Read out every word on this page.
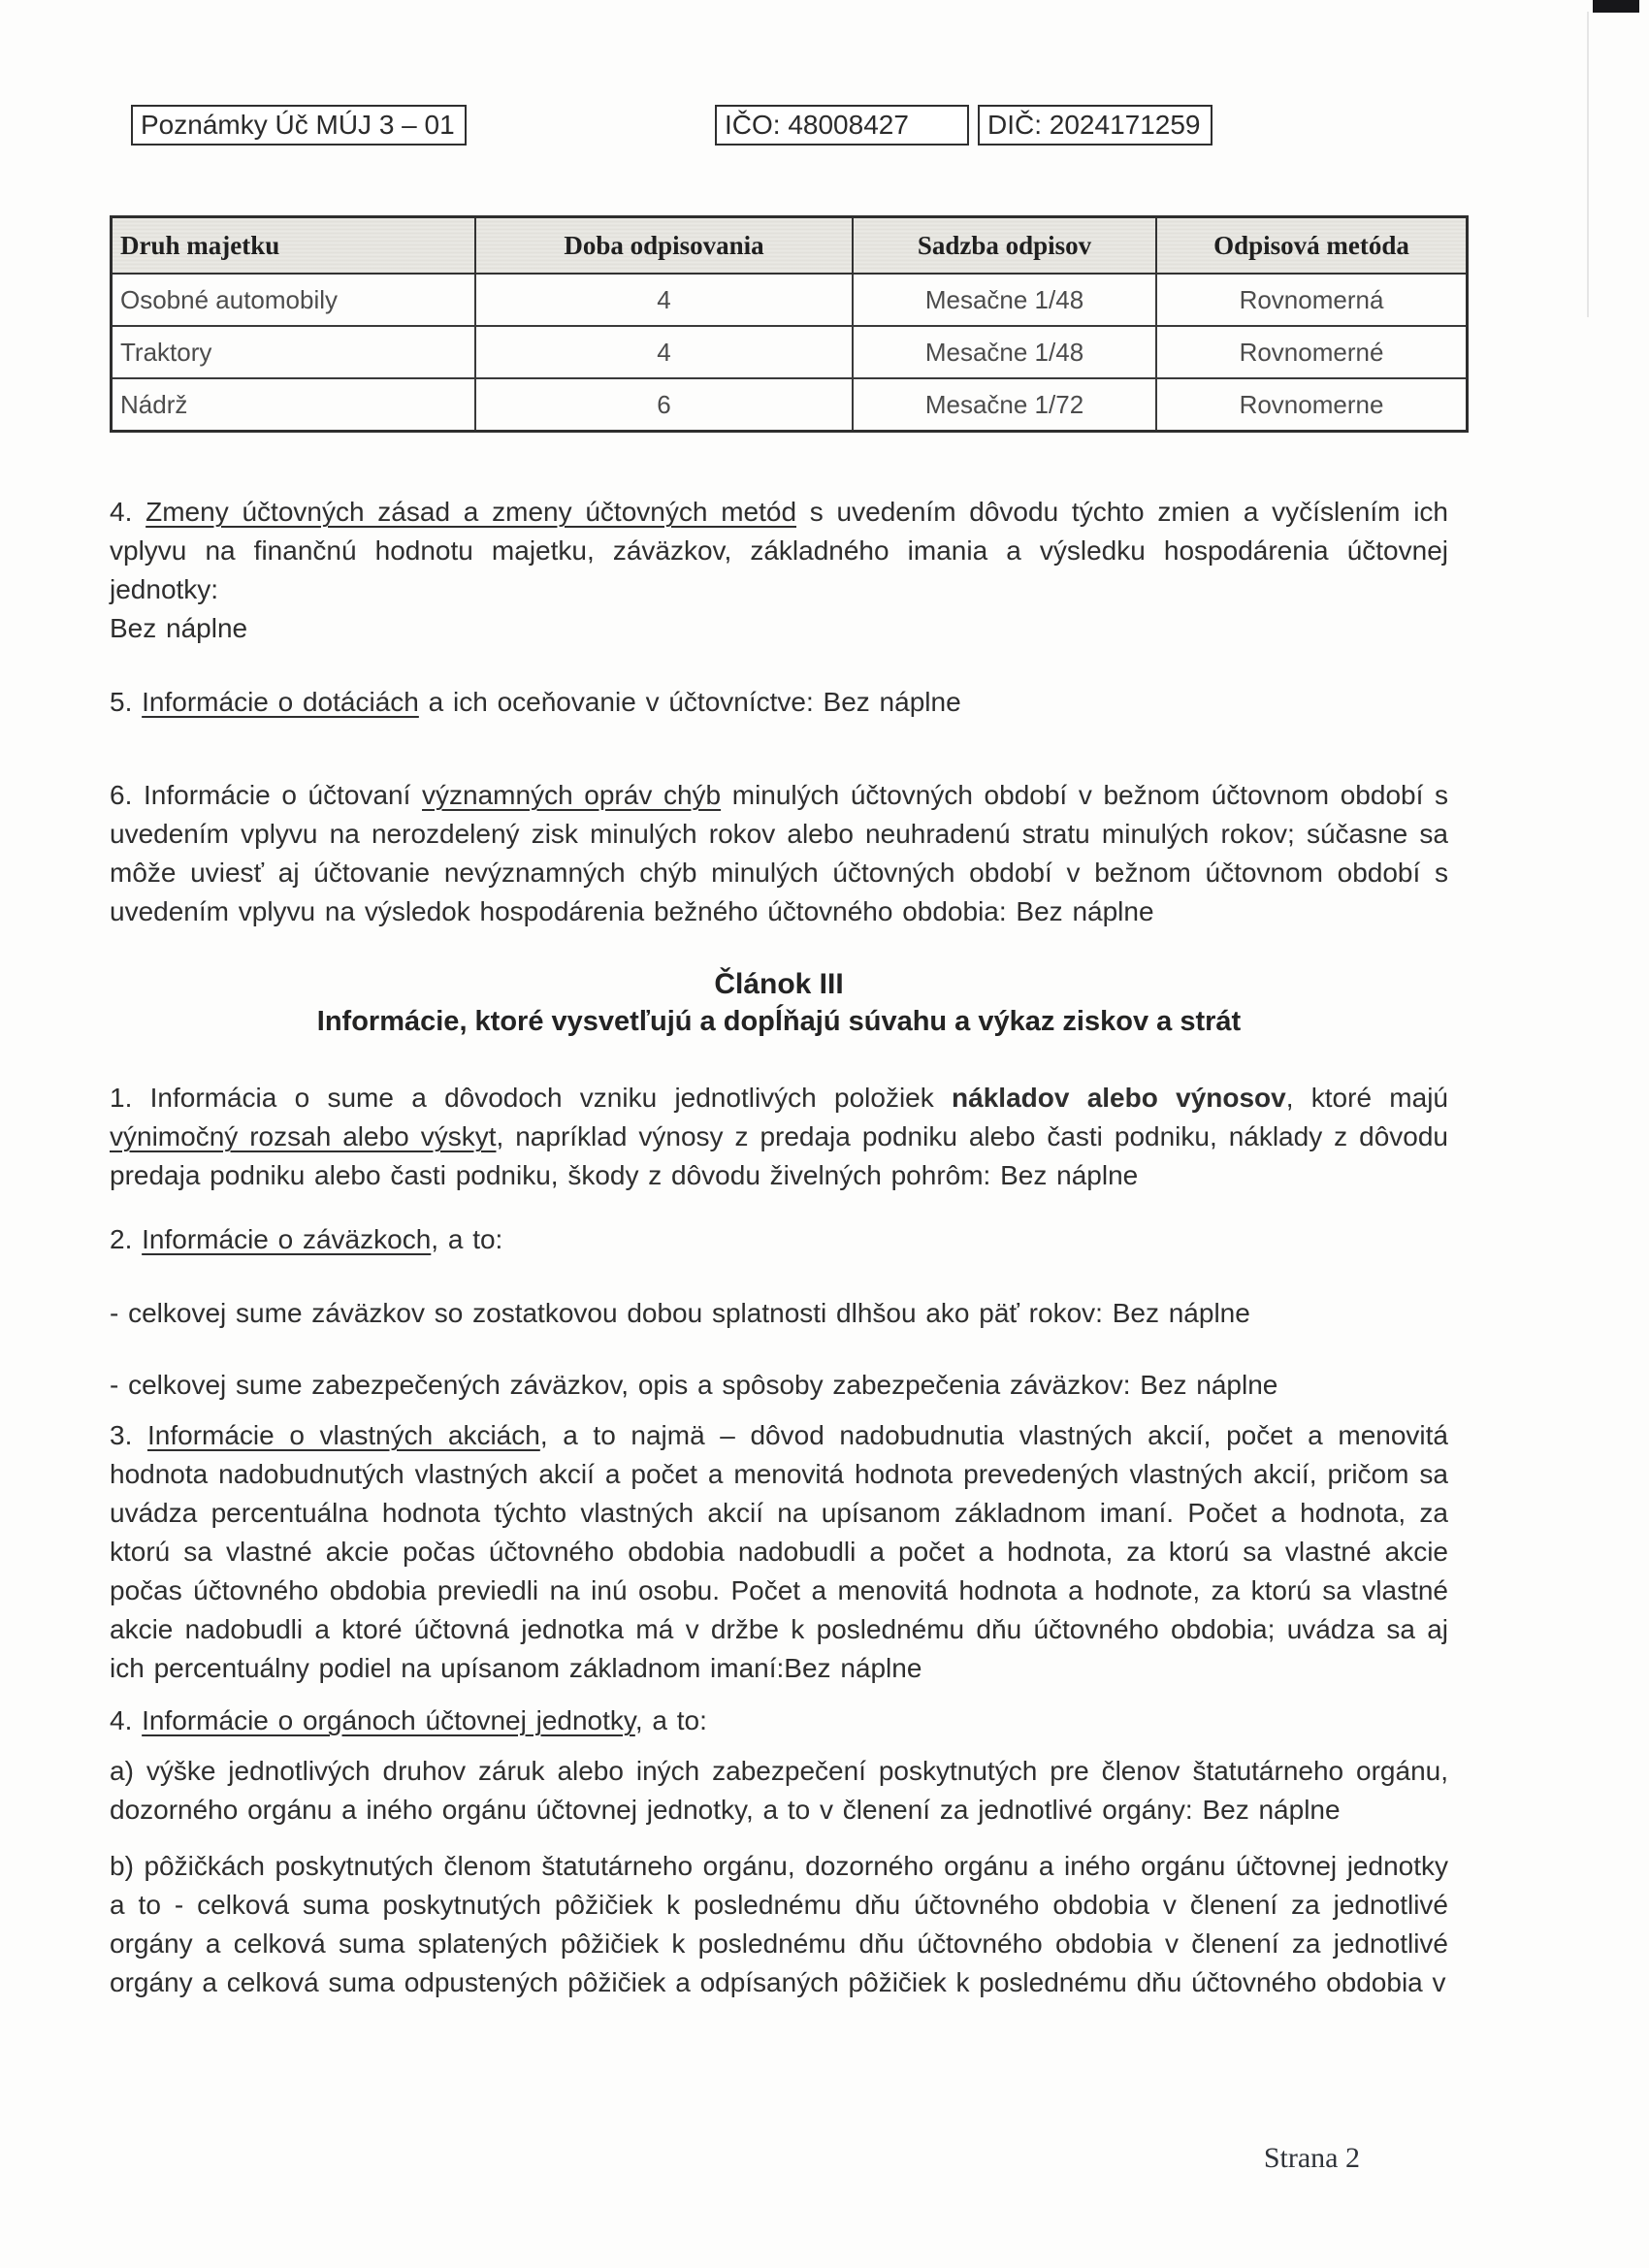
Poznámky Úč MÚJ 3 – 01	IČO: 48008427	DIČ: 2024171259
Druh majetku	Doba odpisovania	Sadzba odpisov	Odpisová metóda
Osobné automobily	4	Mesačne 1/48	Rovnomerná
Traktory	4	Mesačne 1/48	Rovnomerné
Nádrž	6	Mesačne 1/72	Rovnomerne

4. Zmeny účtovných zásad a zmeny účtovných metód s uvedením dôvodu týchto zmien a vyčíslením ich vplyvu na finančnú hodnotu majetku, záväzkov, základného imania a výsledku hospodárenia účtovnej jednotky:
Bez náplne

5. Informácie o dotáciách a ich oceňovanie v účtovníctve: Bez náplne

6. Informácie o účtovaní významných opráv chýb minulých účtovných období v bežnom účtovnom období s uvedením vplyvu na nerozdelený zisk minulých rokov alebo neuhradenú stratu minulých rokov; súčasne sa môže uviesť aj účtovanie nevýznamných chýb minulých účtovných období v bežnom účtovnom období s uvedením vplyvu na výsledok hospodárenia bežného účtovného obdobia: Bez náplne

Článok III
Informácie, ktoré vysvetľujú a dopĺňajú súvahu a výkaz ziskov a strát

1. Informácia o sume a dôvodoch vzniku jednotlivých položiek nákladov alebo výnosov, ktoré majú výnimočný rozsah alebo výskyt, napríklad výnosy z predaja podniku alebo časti podniku, náklady z dôvodu predaja podniku alebo časti podniku, škody z dôvodu živelných pohrôm: Bez náplne

2. Informácie o záväzkoch, a to:

- celkovej sume záväzkov so zostatkovou dobou splatnosti dlhšou ako päť rokov: Bez náplne

- celkovej sume zabezpečených záväzkov, opis a spôsoby zabezpečenia záväzkov: Bez náplne

3. Informácie o vlastných akciách, a to najmä – dôvod nadobudnutia vlastných akcií, počet a menovitá hodnota nadobudnutých vlastných akcií a počet a menovitá hodnota prevedených vlastných akcií, pričom sa uvádza percentuálna hodnota týchto vlastných akcií na upísanom základnom imaní. Počet a hodnota, za ktorú sa vlastné akcie počas účtovného obdobia nadobudli a počet a hodnota, za ktorú sa vlastné akcie počas účtovného obdobia previedli na inú osobu. Počet a menovitá hodnota a hodnote, za ktorú sa vlastné akcie nadobudli a ktoré účtovná jednotka má v držbe k poslednému dňu účtovného obdobia; uvádza sa aj ich percentuálny podiel na upísanom základnom imaní:Bez náplne

4. Informácie o orgánoch účtovnej jednotky, a to:

a) výške jednotlivých druhov záruk alebo iných zabezpečení poskytnutých pre členov štatutárneho orgánu, dozorného orgánu a iného orgánu účtovnej jednotky, a to v členení za jednotlivé orgány: Bez náplne

b) pôžičkách poskytnutých členom štatutárneho orgánu, dozorného orgánu a iného orgánu účtovnej jednotky a to - celková suma poskytnutých pôžičiek k poslednému dňu účtovného obdobia v členení za jednotlivé orgány a celková suma splatených pôžičiek k poslednému dňu účtovného obdobia v členení za jednotlivé orgány a celková suma odpustených pôžičiek a odpísaných pôžičiek k poslednému dňu účtovného obdobia v

Strana 2
